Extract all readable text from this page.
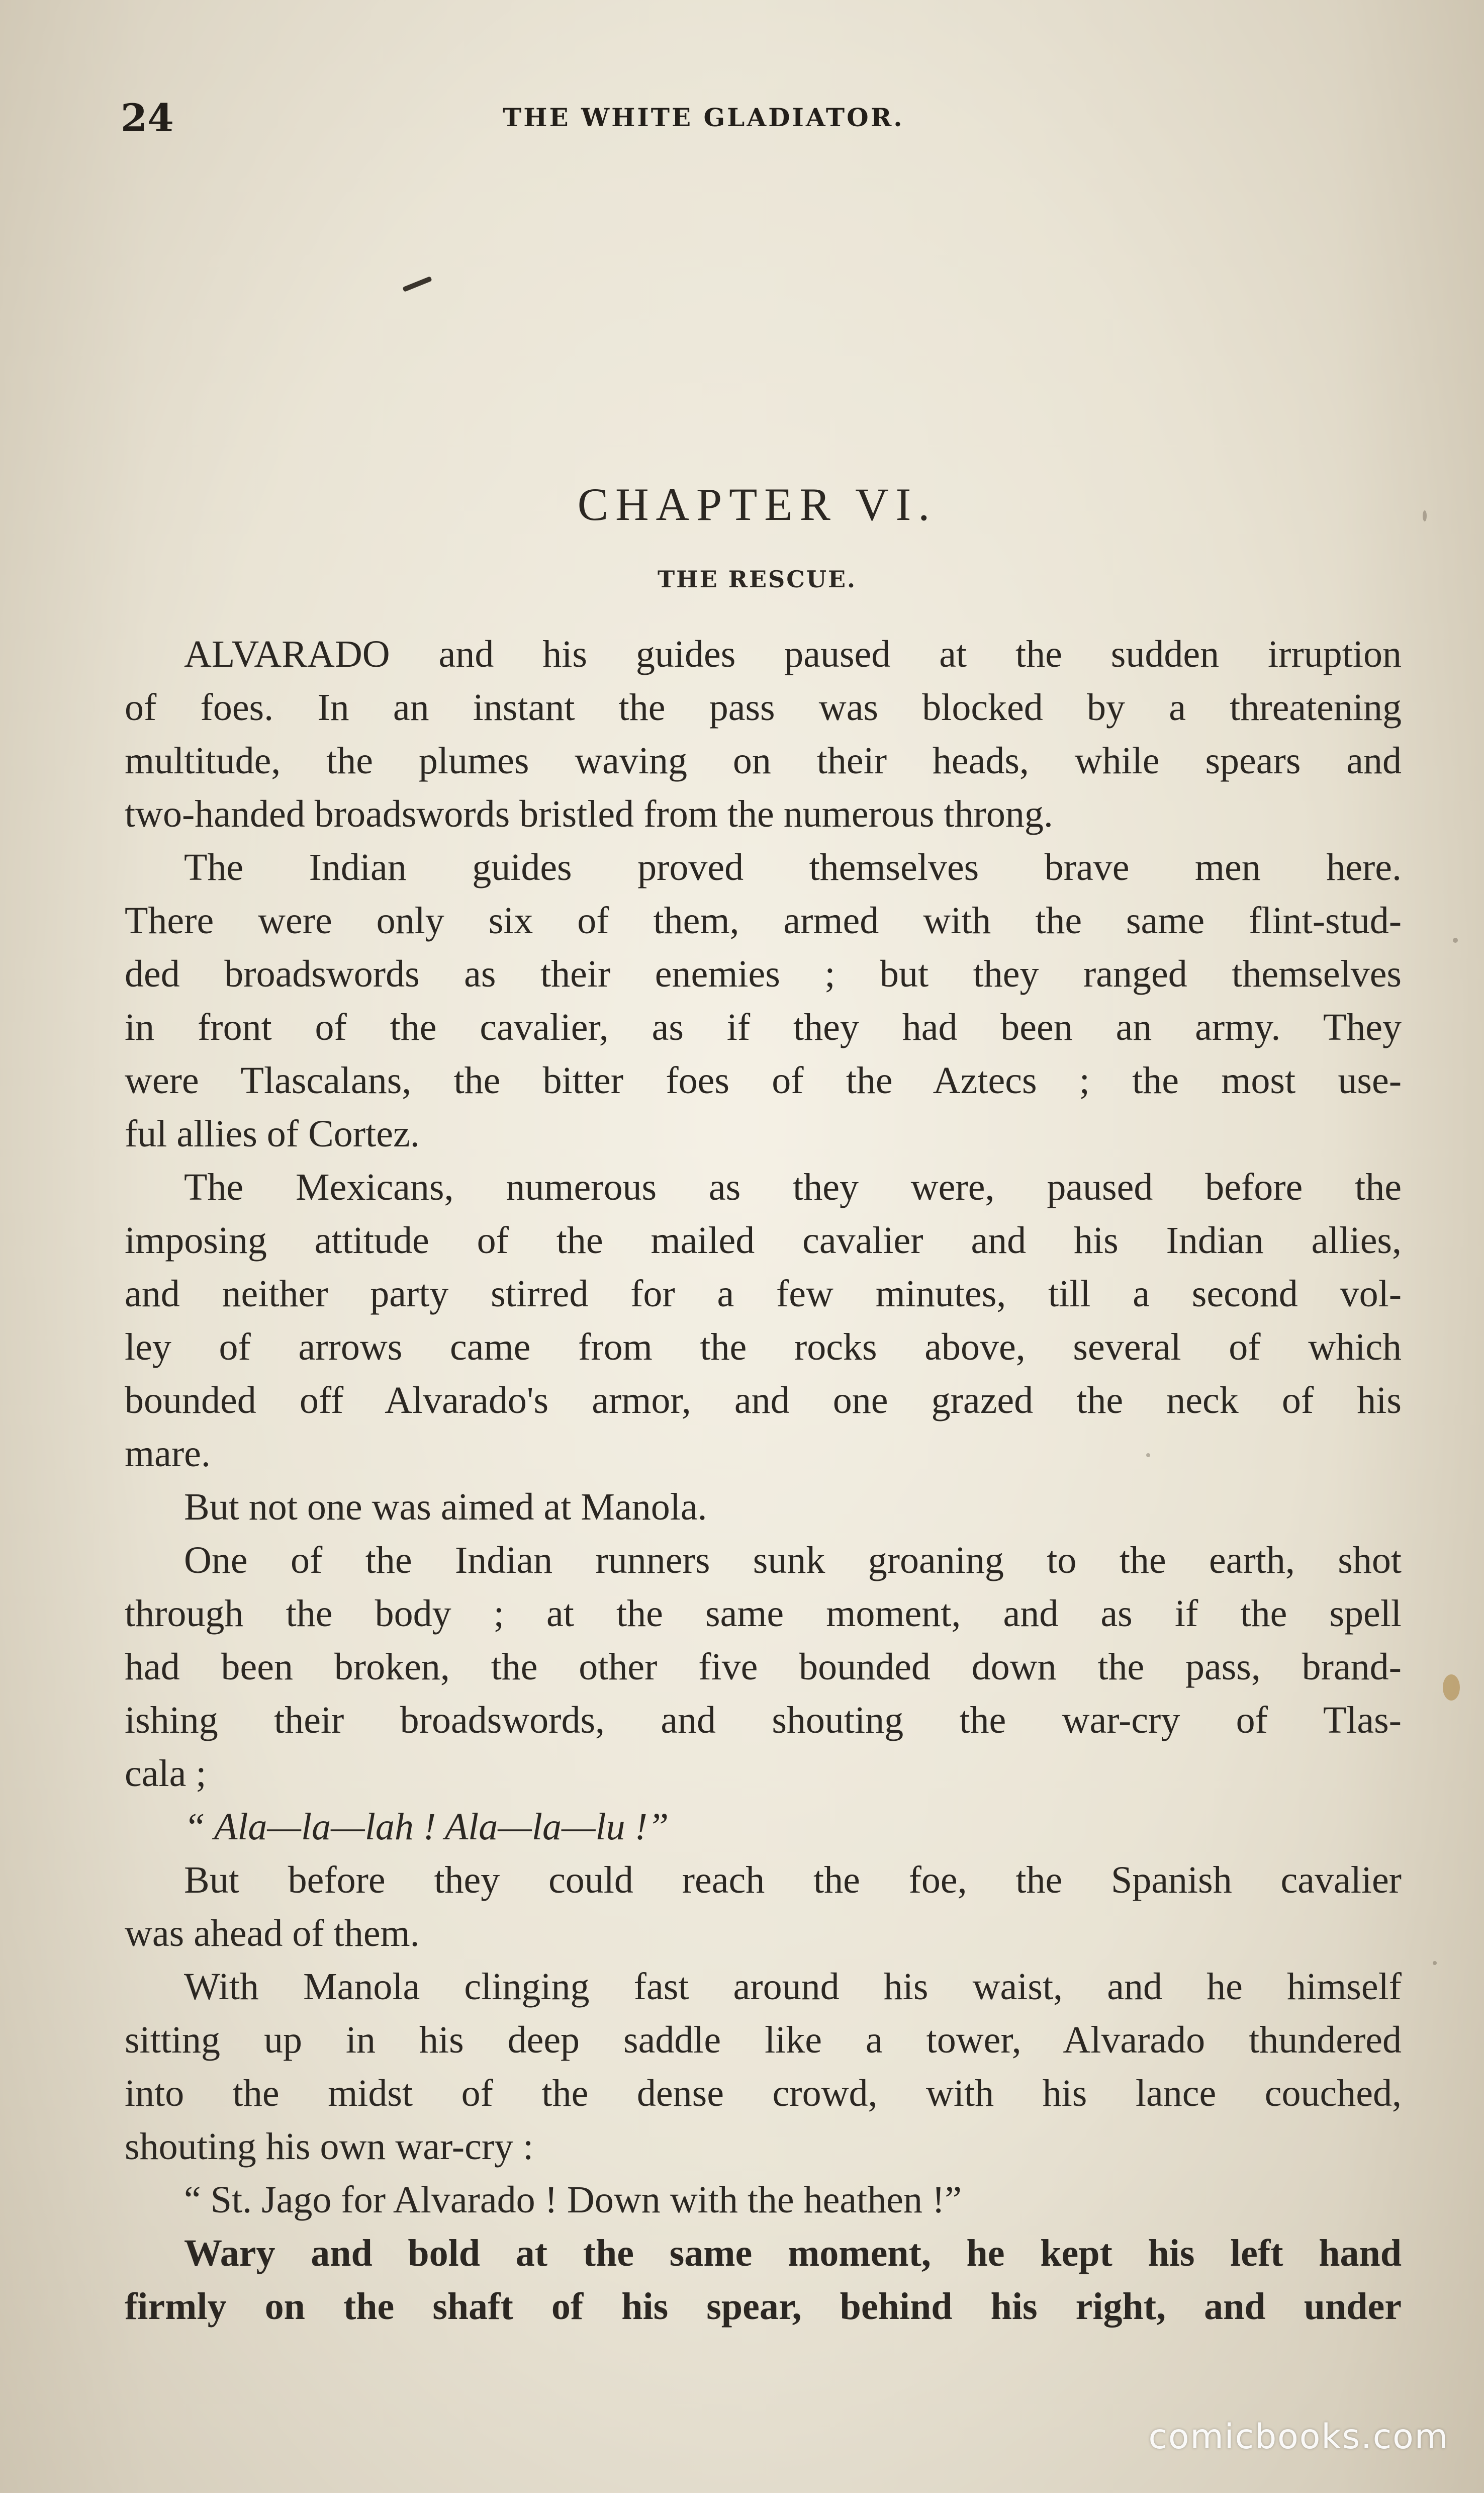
24	THE WHITE GLADIATOR.
CHAPTER VI.
THE RESCUE.
ALVARADO and his guides paused at the sudden irruption
of foes. In an instant the pass was blocked by a threatening
multitude, the plumes waving on their heads, while spears and
two-handed broadswords bristled from the numerous throng.
The Indian guides proved themselves brave men here.
There were only six of them, armed with the same flint-stud-
ded broadswords as their enemies ; but they ranged themselves
in front of the cavalier, as if they had been an army. They
were Tlascalans, the bitter foes of the Aztecs ; the most use-
ful allies of Cortez.
The Mexicans, numerous as they were, paused before the
imposing attitude of the mailed cavalier and his Indian allies,
and neither party stirred for a few minutes, till a second vol-
ley of arrows came from the rocks above, several of which
bounded off Alvarado's armor, and one grazed the neck of his
mare.
But not one was aimed at Manola.
One of the Indian runners sunk groaning to the earth, shot
through the body ; at the same moment, and as if the spell
had been broken, the other five bounded down the pass, brand-
ishing their broadswords, and shouting the war-cry of Tlas-
cala ;
“ Ala—la—lah ! Ala—la—lu !”
But before they could reach the foe, the Spanish cavalier
was ahead of them.
With Manola clinging fast around his waist, and he himself
sitting up in his deep saddle like a tower, Alvarado thundered
into the midst of the dense crowd, with his lance couched,
shouting his own war-cry :
“ St. Jago for Alvarado ! Down with the heathen !”
Wary and bold at the same moment, he kept his left hand
firmly on the shaft of his spear, behind his right, and under
comicbooks.com
